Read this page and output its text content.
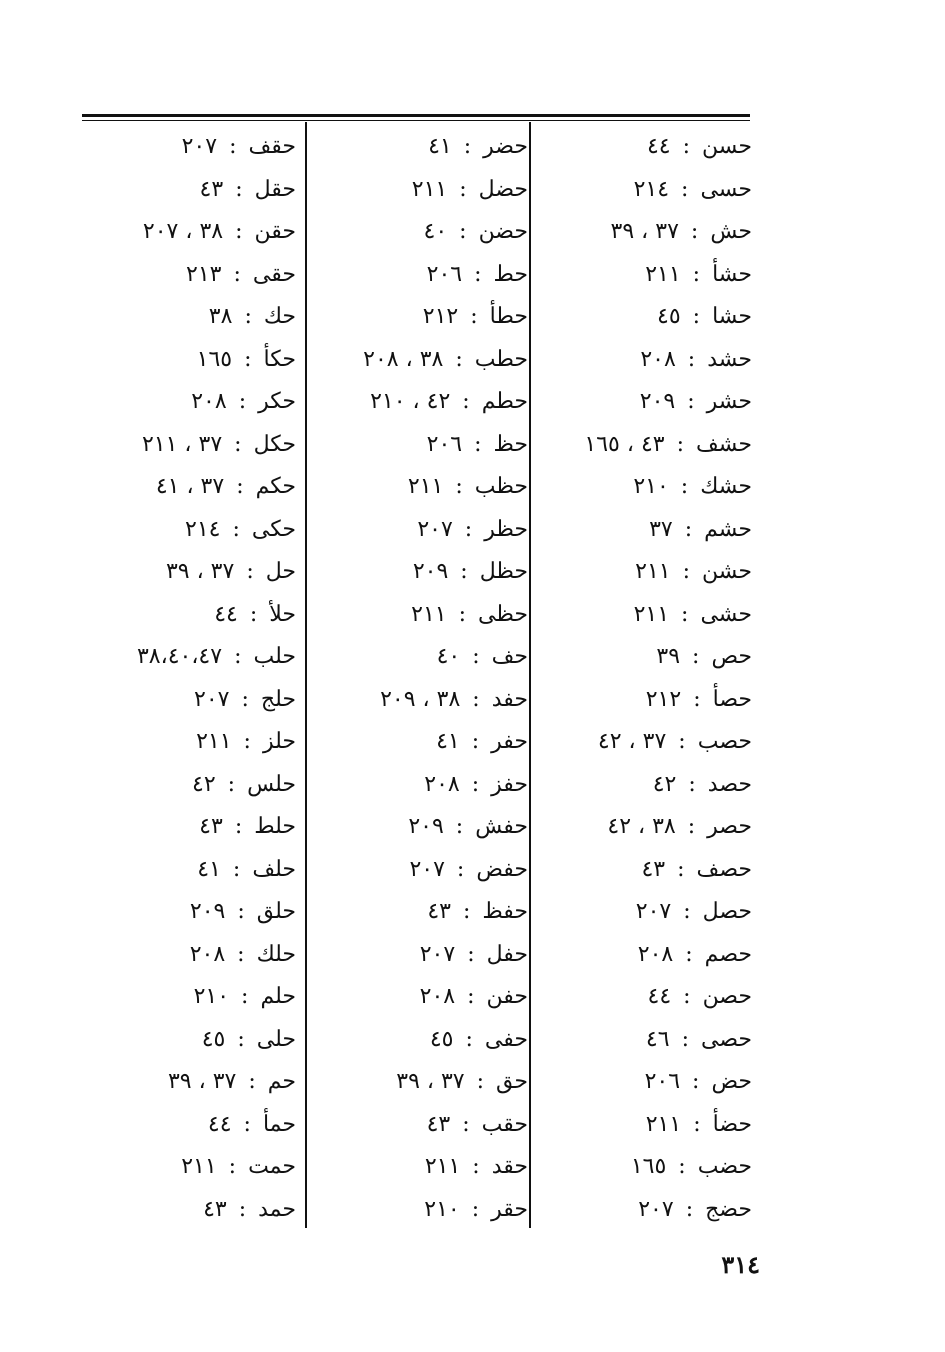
حسن:٤٤
حسى:٢١٤
حش:٣٧ ، ٣٩
حشأ:٢١١
حشا:٤٥
حشد:٢٠٨
حشر:٢٠٩
حشف:٤٣ ، ١٦٥
حشك:٢١٠
حشم:٣٧
حشن:٢١١
حشى:٢١١
حص:٣٩
حصأ:٢١٢
حصب:٣٧ ، ٤٢
حصد:٤٢
حصر:٣٨ ، ٤٢
حصف:٤٣
حصل:٢٠٧
حصم:٢٠٨
حصن:٤٤
حصى:٤٦
حض:٢٠٦
حضأ:٢١١
حضب:١٦٥
حضج:٢٠٧
حضر:٤١
حضل:٢١١
حضن:٤٠
حط:٢٠٦
حطأ:٢١٢
حطب:٣٨ ، ٢٠٨
حطم:٤٢ ، ٢١٠
حظ:٢٠٦
حظب:٢١١
حظر:٢٠٧
حظل:٢٠٩
حظى:٢١١
حف:٤٠
حفد:٣٨ ، ٢٠٩
حفر:٤١
حفز:٢٠٨
حفش:٢٠٩
حفض:٢٠٧
حفظ:٤٣
حفل:٢٠٧
حفن:٢٠٨
حفى:٤٥
حق:٣٧ ، ٣٩
حقب:٤٣
حقد:٢١١
حقر:٢١٠
حقف:٢٠٧
حقل:٤٣
حقن:٣٨ ، ٢٠٧
حقى:٢١٣
حك:٣٨
حكأ:١٦٥
حكر:٢٠٨
حكل:٣٧ ، ٢١١
حكم:٣٧ ، ٤١
حكى:٢١٤
حل:٣٧ ، ٣٩
حلأ:٤٤
حلب:٣٨،٤٠،٤٧
حلج:٢٠٧
حلز:٢١١
حلس:٤٢
حلط:٤٣
حلف:٤١
حلق:٢٠٩
حلك:٢٠٨
حلم:٢١٠
حلى:٤٥
حم:٣٧ ، ٣٩
حمأ:٤٤
حمت:٢١١
حمد:٤٣
٣١٤
